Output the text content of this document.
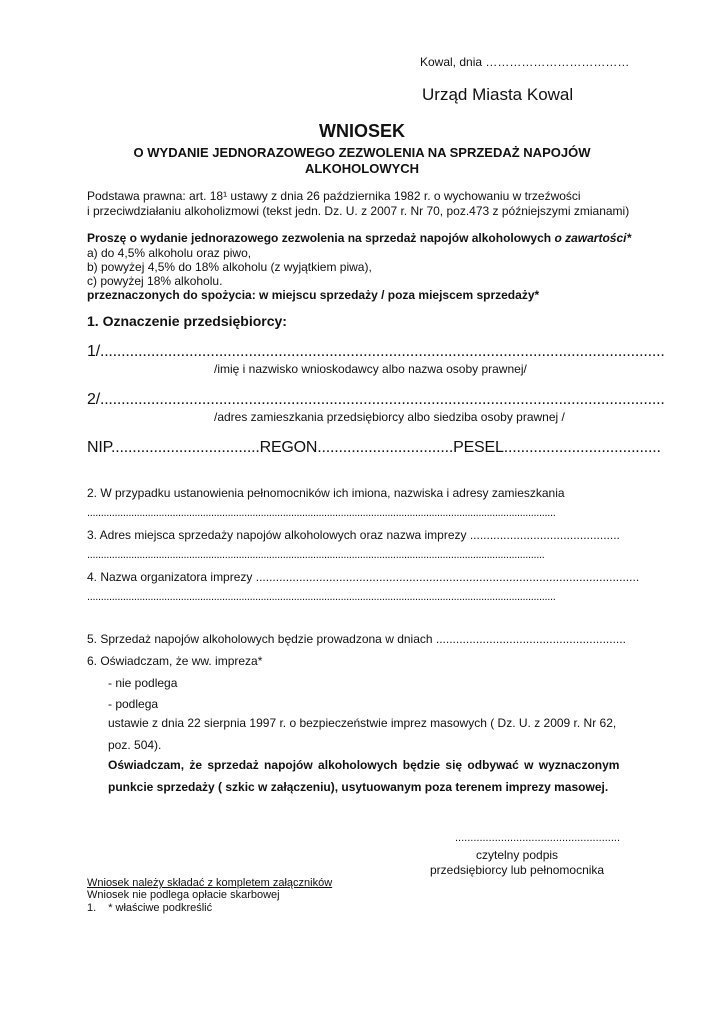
Kowal, dnia ………………………………
Urząd Miasta Kowal
WNIOSEK
O WYDANIE JEDNORAZOWEGO ZEZWOLENIA NA SPRZEDAŻ NAPOJÓW
ALKOHOLOWYCH
Podstawa prawna: art. 18¹ ustawy z dnia 26 października 1982 r. o wychowaniu w trzeźwości
i przeciwdziałaniu alkoholizmowi (tekst jedn. Dz. U. z 2007 r. Nr 70, poz.473 z późniejszymi zmianami)
Proszę o wydanie jednorazowego zezwolenia na sprzedaż napojów alkoholowych o zawartości*
a) do 4,5% alkoholu oraz piwo,
b) powyżej 4,5% do 18% alkoholu (z wyjątkiem piwa),
c) powyżej 18% alkoholu.
przeznaczonych do spożycia: w miejscu sprzedaży / poza miejscem sprzedaży*
1. Oznaczenie przedsiębiorcy:
1/.....................................................................................................................................
/imię i nazwisko wnioskodawcy albo nazwa osoby prawnej/
2/.....................................................................................................................................
/adres zamieszkania przedsiębiorcy albo siedziba osoby prawnej /
NIP...................................REGON................................PESEL.....................................
2. W przypadku ustanowienia pełnomocników ich imiona, nazwiska i adresy zamieszkania
..........................................................................................................................................................................
3. Adres miejsca sprzedaży napojów alkoholowych oraz nazwa imprezy .............................................
......................................................................................................................................................................
4. Nazwa organizatora imprezy ...................................................................................................................
..........................................................................................................................................................................
5. Sprzedaż napojów alkoholowych będzie prowadzona w dniach .........................................................
6. Oświadczam, że ww. impreza*
- nie podlega
- podlega
ustawie z dnia 22 sierpnia 1997 r. o bezpieczeństwie imprez masowych ( Dz. U. z 2009 r. Nr 62,
poz. 504).
Oświadczam, że sprzedaż napojów alkoholowych będzie się odbywać w wyznaczonym
punkcie sprzedaży ( szkic w załączeniu), usytuowanym poza terenem imprezy masowej.
......................................................
czytelny podpis
przedsiębiorcy lub pełnomocnika
Wniosek należy składać z kompletem załączników
Wniosek nie podlega opłacie skarbowej
1. * właściwe podkreślić
